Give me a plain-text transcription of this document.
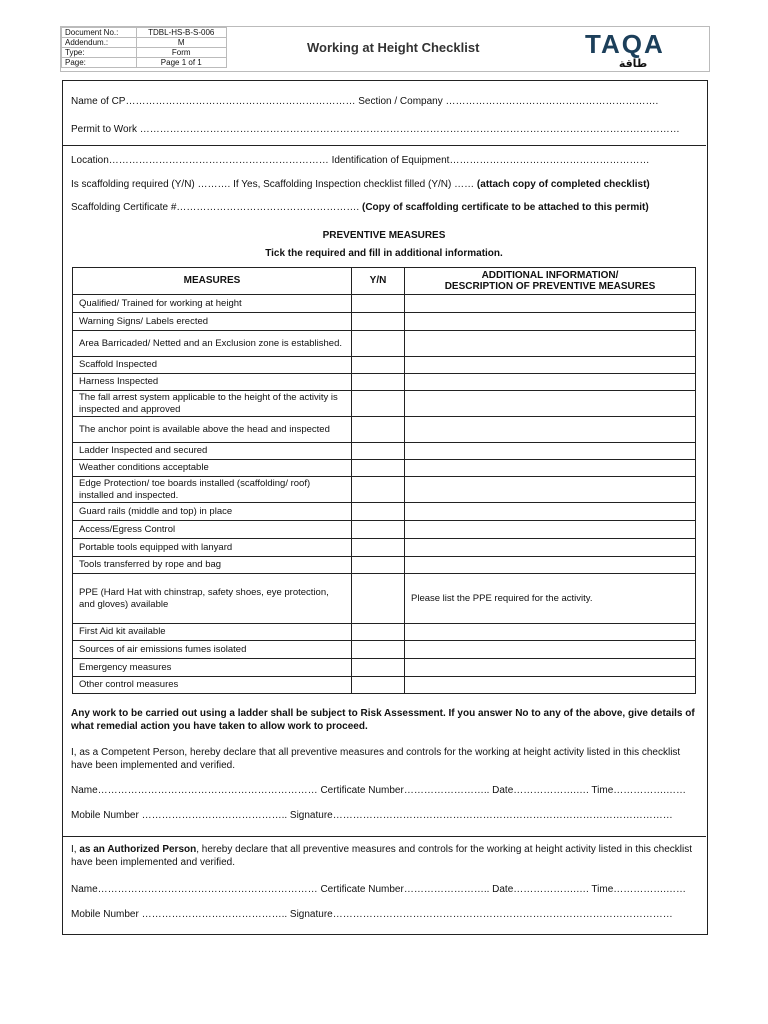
Document No.:	TDBL-HS-B-S-006
Addendum.:	M
Type:	Form
Page:	Page 1 of 1
Working at Height Checklist	TAQA
طاقة
Name of CP…………………………………………………………… Section / Company ……………………………………………………….
Permit to Work ………………………………………………………………………………………………………………………………………………
Location………………………………………………………… Identification of Equipment……………………………………………………
Is scaffolding required (Y/N) ………. If Yes, Scaffolding Inspection checklist filled (Y/N) …… (attach copy of completed checklist)
Scaffolding Certificate #………………………………………………. (Copy of scaffolding certificate to be attached to this permit)
PREVENTIVE MEASURES
Tick the required and fill in additional information.
MEASURES	Y/N	ADDITIONAL INFORMATION/
DESCRIPTION OF PREVENTIVE MEASURES
Qualified/ Trained for working at height		
Warning Signs/ Labels erected		
Area Barricaded/ Netted and an Exclusion zone is established.		
Scaffold Inspected		
Harness Inspected		
The fall arrest system applicable to the height of the activity is inspected and approved		
The anchor point is available above the head and inspected		
Ladder Inspected and secured		
Weather conditions acceptable		
Edge Protection/ toe boards installed (scaffolding/ roof) installed and inspected.		
Guard rails (middle and top) in place		
Access/Egress Control		
Portable tools equipped with lanyard		
Tools transferred by rope and bag		
PPE (Hard Hat with chinstrap, safety shoes, eye protection, and gloves) available		Please list the PPE required for the activity.
First Aid kit available		
Sources of air emissions fumes isolated		
Emergency measures		
Other control measures		
Any work to be carried out using a ladder shall be subject to Risk Assessment. If you answer No to any of the above, give details of what remedial action you have taken to allow work to proceed.
I, as a Competent Person, hereby declare that all preventive measures and controls for the working at height activity listed in this checklist have been implemented and verified.
Name………………………………………………………… Certificate Number…………………….. Date……………….…. Time…………….……
Mobile Number …………………………………….. Signature…………………………………………………………………………………………
I, as an Authorized Person, hereby declare that all preventive measures and controls for the working at height activity listed in this checklist have been implemented and verified.
Name………………………………………………………… Certificate Number…………………….. Date……………….…. Time…………….……
Mobile Number …………………………………….. Signature…………………………………………………………………………………………
